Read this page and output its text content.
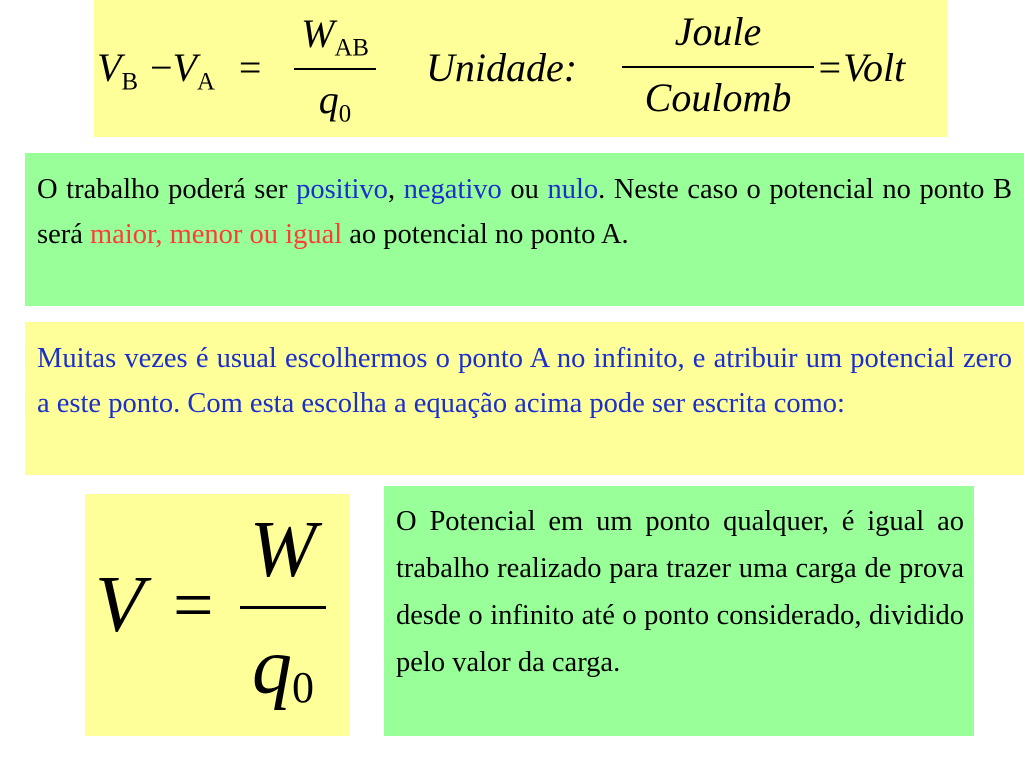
$V_B -V_A$ =
$W_{AB}$
$q_0$
Unidade:
Joule
Coulomb
=Volt

O trabalho poderá ser positivo, negativo ou nulo. Neste caso o potencial no ponto B será maior, menor ou igual ao potencial no ponto A.

Muitas vezes é usual escolhermos o ponto A no infinito, e atribuir um potencial zero a este ponto. Com esta escolha a equação acima pode ser escrita como:

V =
W
q0

O Potencial em um ponto qualquer, é igual ao trabalho realizado para trazer uma carga de prova desde o infinito até o ponto considerado, dividido pelo valor da carga.
